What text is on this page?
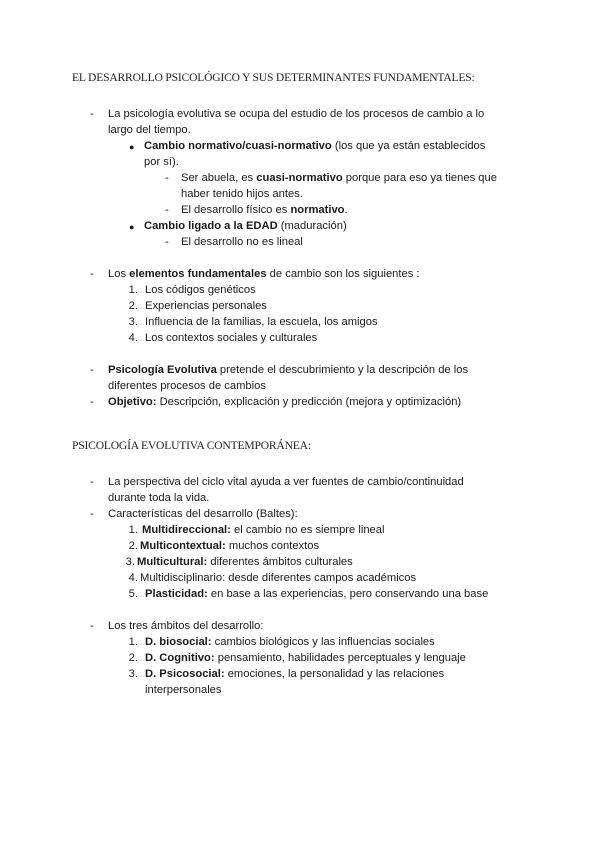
EL DESARROLLO PSICOLÓGICO Y SUS DETERMINANTES FUNDAMENTALES:
- La psicología evolutiva se ocupa del estudio de los procesos de cambio a lo
largo del tiempo.
● Cambio normativo/cuasi-normativo (los que ya están establecidos
por sí).
- Ser abuela, es cuasi-normativo porque para eso ya tienes que
haber tenido hijos antes.
- El desarrollo físico es normativo.
● Cambio ligado a la EDAD (maduración)
- El desarrollo no es lineal
- Los elementos fundamentales de cambio son los siguientes :
1. Los códigos genéticos
2. Experiencias personales
3. Influencia de la familias, la escuela, los amigos
4. Los contextos sociales y culturales
- Psicología Evolutiva pretende el descubrimiento y la descripción de los
diferentes procesos de cambios
- Objetivo: Descripción, explicación y predicción (mejora y optimización)
PSICOLOGÍA EVOLUTIVA CONTEMPORÁNEA:
- La perspectiva del ciclo vital ayuda a ver fuentes de cambio/continuidad
durante toda la vida.
- Características del desarrollo (Baltes):
1. Multidireccional: el cambio no es siempre lineal
2. Multicontextual: muchos contextos
3. Multicultural: diferentes ámbitos culturales
4. Multidisciplinario: desde diferentes campos académicos
5. Plasticidad: en base a las experiencias, pero conservando una base
- Los tres ámbitos del desarrollo:
1. D. biosocial: cambios biológicos y las influencias sociales
2. D. Cognitivo: pensamiento, habilidades perceptuales y lenguaje
3. D. Psicosocial: emociones, la personalidad y las relaciones
interpersonales
